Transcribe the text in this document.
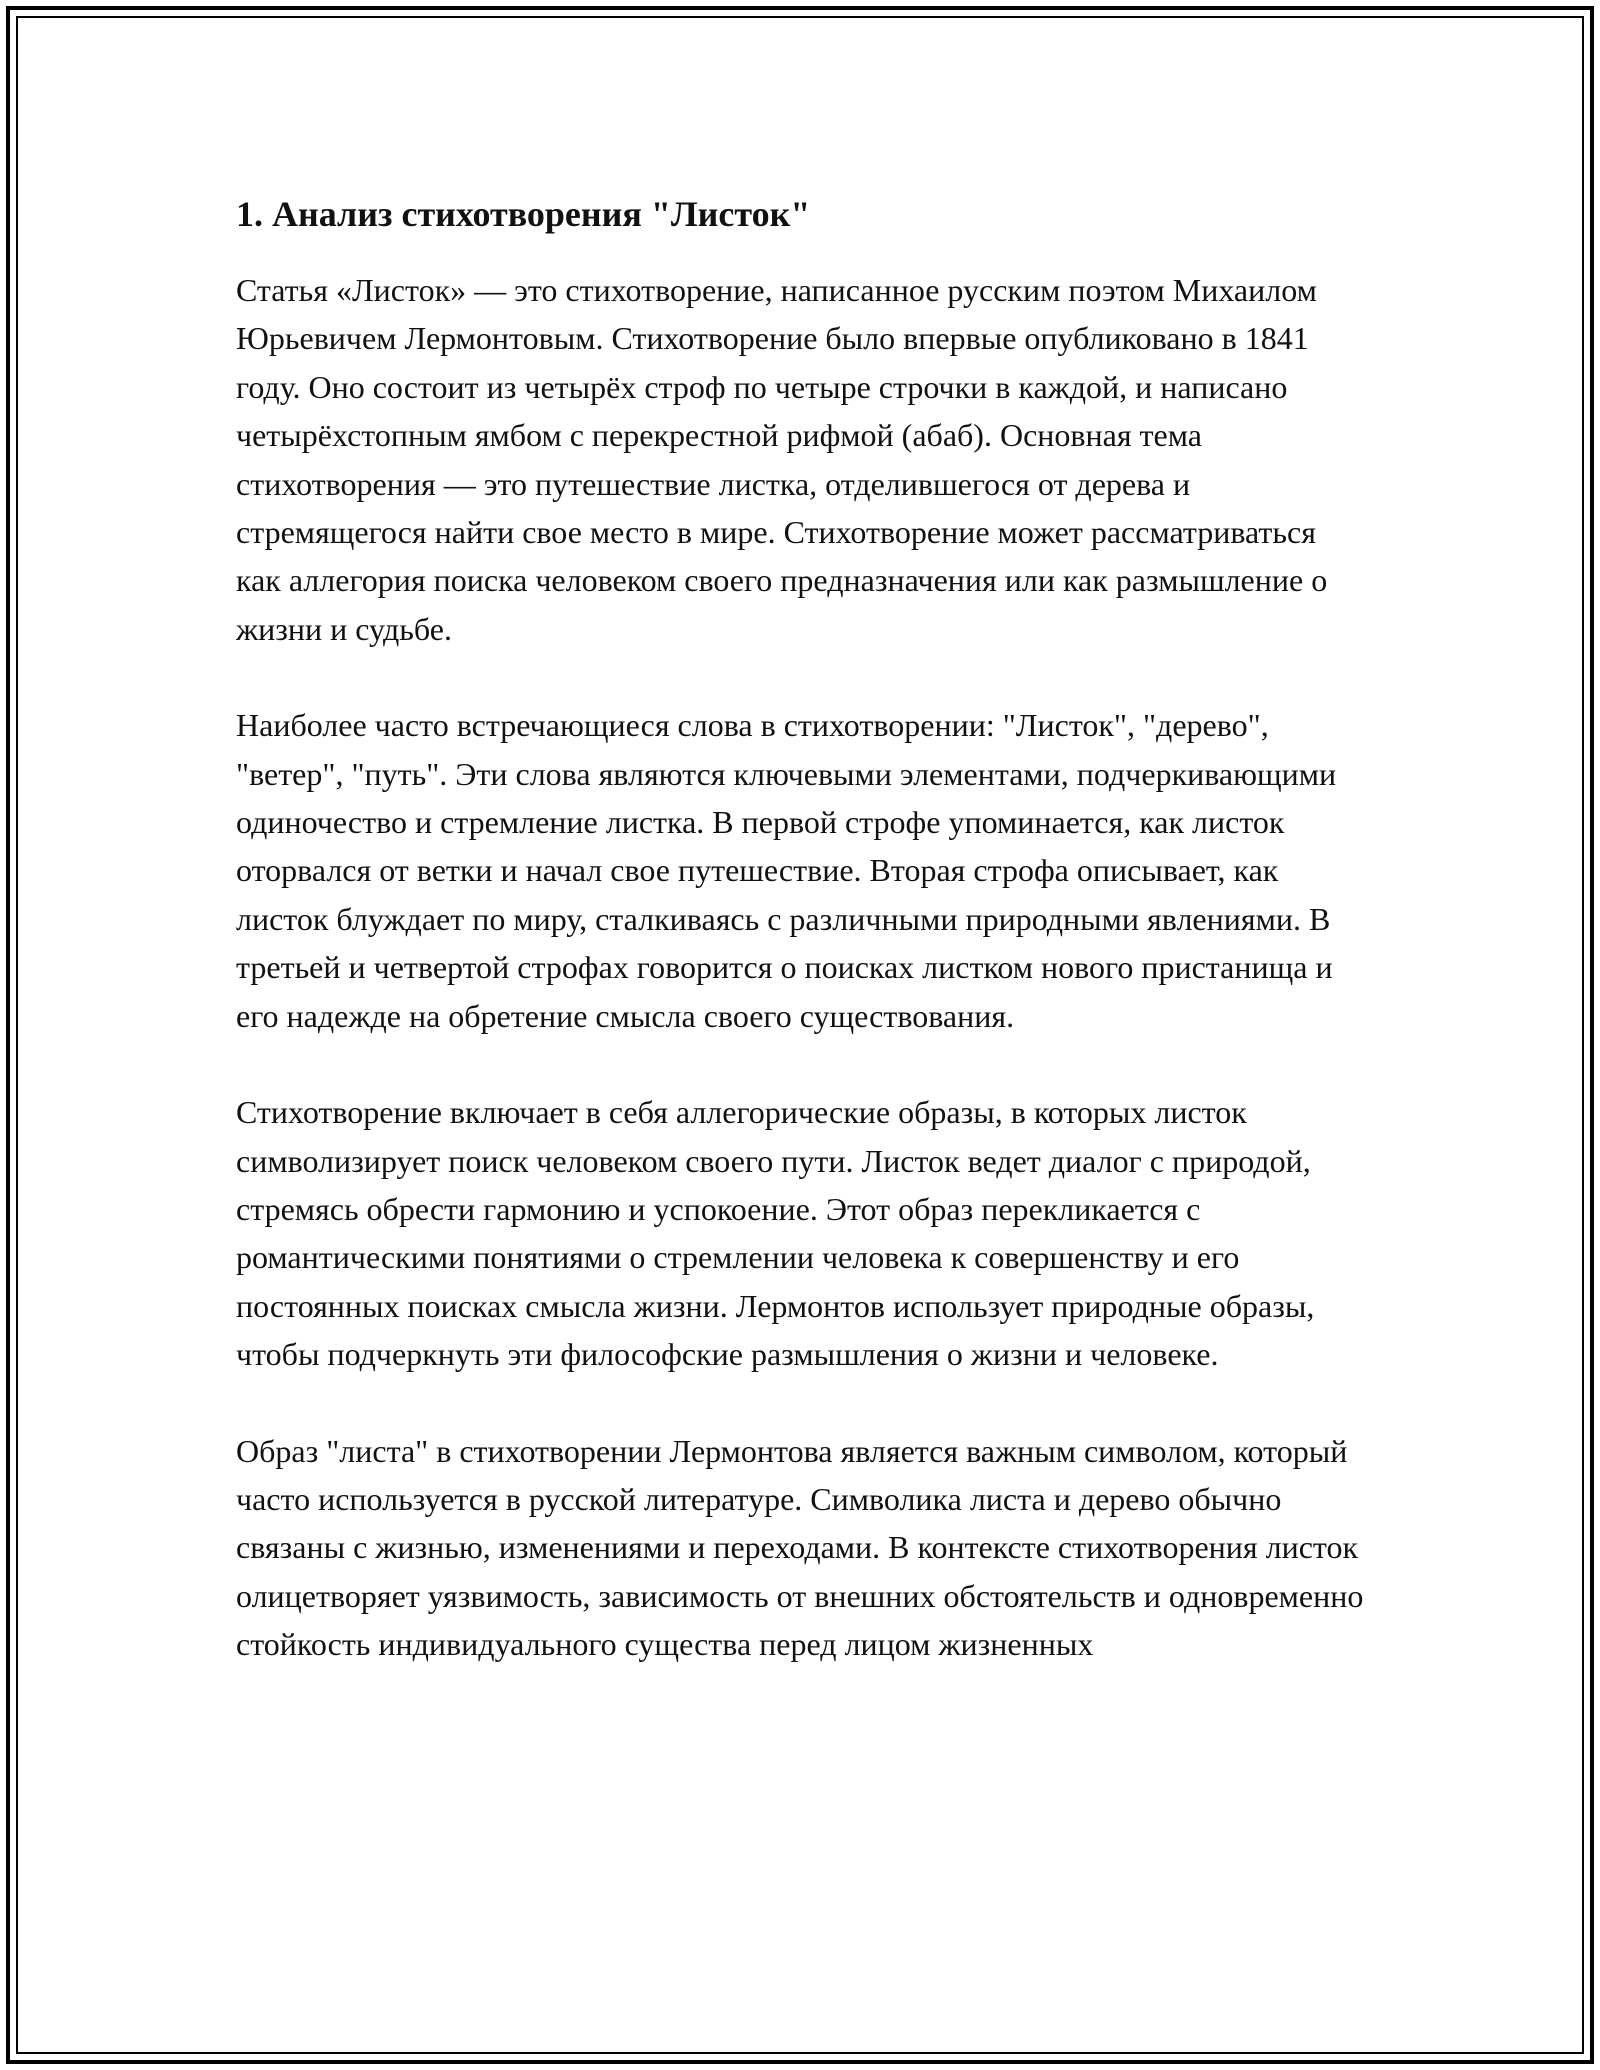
1. Анализ стихотворения "Листок"

Статья «Листок» — это стихотворение, написанное русским поэтом Михаилом Юрьевичем Лермонтовым. Стихотворение было впервые опубликовано в 1841 году. Оно состоит из четырёх строф по четыре строчки в каждой, и написано четырёхстопным ямбом с перекрестной рифмой (абаб). Основная тема стихотворения — это путешествие листка, отделившегося от дерева и стремящегося найти свое место в мире. Стихотворение может рассматриваться как аллегория поиска человеком своего предназначения или как размышление о жизни и судьбе.

Наиболее часто встречающиеся слова в стихотворении: "Листок", "дерево", "ветер", "путь". Эти слова являются ключевыми элементами, подчеркивающими одиночество и стремление листка. В первой строфе упоминается, как листок оторвался от ветки и начал свое путешествие. Вторая строфа описывает, как листок блуждает по миру, сталкиваясь с различными природными явлениями. В третьей и четвертой строфах говорится о поисках листком нового пристанища и его надежде на обретение смысла своего существования.

Стихотворение включает в себя аллегорические образы, в которых листок символизирует поиск человеком своего пути. Листок ведет диалог с природой, стремясь обрести гармонию и успокоение. Этот образ перекликается с романтическими понятиями о стремлении человека к совершенству и его постоянных поисках смысла жизни. Лермонтов использует природные образы, чтобы подчеркнуть эти философские размышления о жизни и человеке.

Образ "листа" в стихотворении Лермонтова является важным символом, который часто используется в русской литературе. Символика листа и дерево обычно связаны с жизнью, изменениями и переходами. В контексте стихотворения листок олицетворяет уязвимость, зависимость от внешних обстоятельств и одновременно стойкость индивидуального существа перед лицом жизненных
